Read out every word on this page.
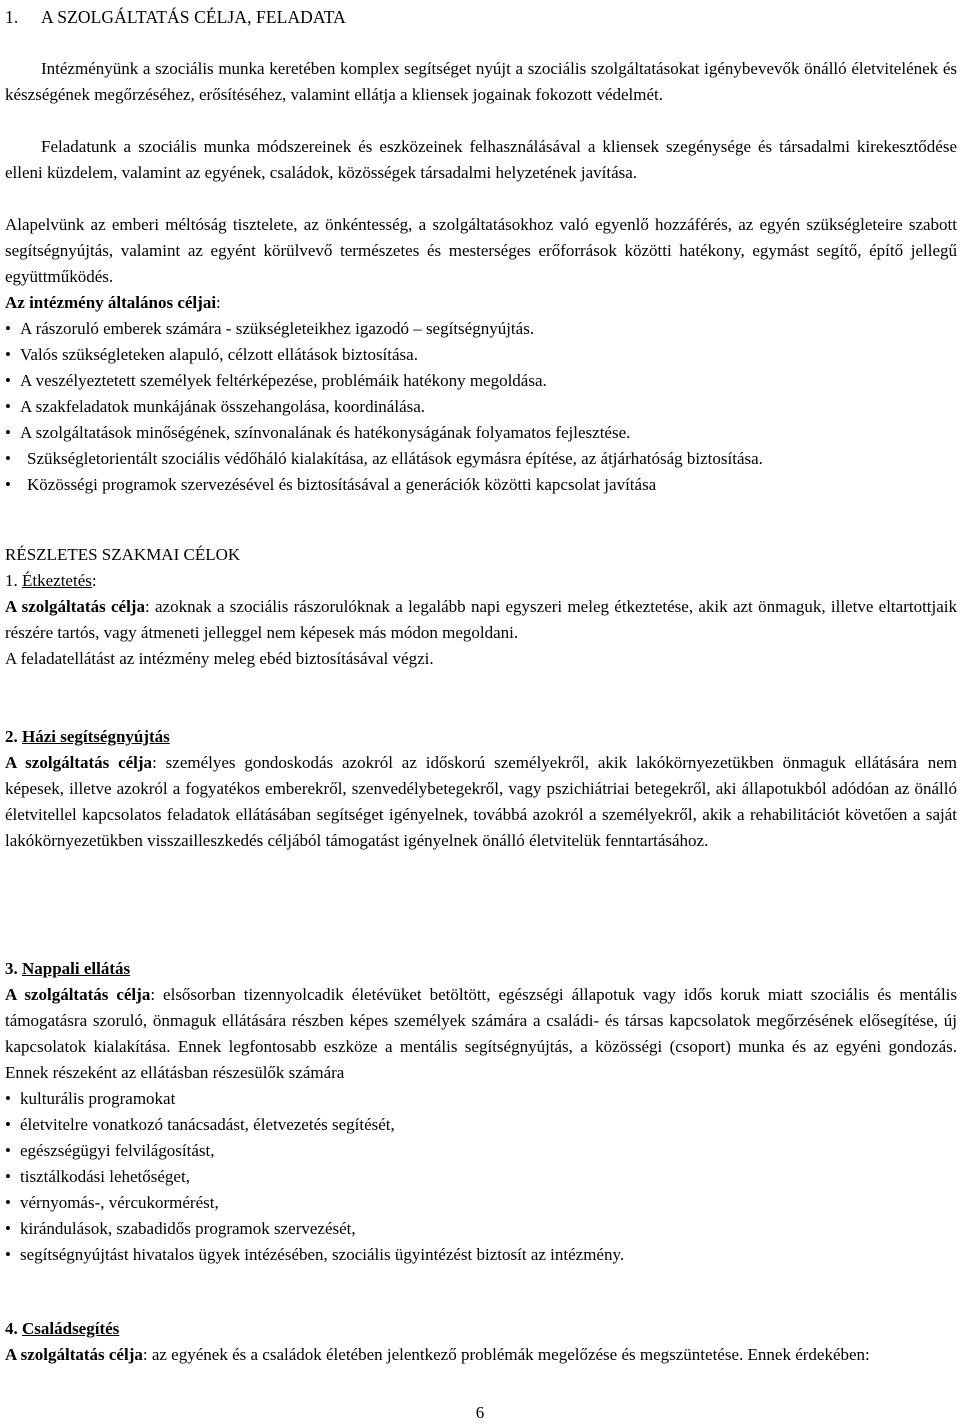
1. A SZOLGÁLTATÁS CÉLJA, FELADATA

Intézményünk a szociális munka keretében komplex segítséget nyújt a szociális szolgáltatásokat igénybevevők önálló életvitelének és készségének megőrzéséhez, erősítéséhez, valamint ellátja a kliensek jogainak fokozott védelmét.

Feladatunk a szociális munka módszereinek és eszközeinek felhasználásával a kliensek szegénysége és társadalmi kirekesztődése elleni küzdelem, valamint az egyének, családok, közösségek társadalmi helyzetének javítása.

Alapelvünk az emberi méltóság tisztelete, az önkéntesség, a szolgáltatásokhoz való egyenlő hozzáférés, az egyén szükségleteire szabott segítségnyújtás, valamint az egyént körülvevő természetes és mesterséges erőforrások közötti hatékony, egymást segítő, építő jellegű együttműködés.

Az intézmény általános céljai:

• A rászoruló emberek számára - szükségleteikhez igazodó – segítségnyújtás.

• Valós szükségleteken alapuló, célzott ellátások biztosítása.

• A veszélyeztetett személyek feltérképezése, problémáik hatékony megoldása.

• A szakfeladatok munkájának összehangolása, koordinálása.

• A szolgáltatások minőségének, színvonalának és hatékonyságának folyamatos fejlesztése.

• Szükségletorientált szociális védőháló kialakítása, az ellátások egymásra építése, az átjárhatóság biztosítása.

• Közösségi programok szervezésével és biztosításával a generációk közötti kapcsolat javítása

RÉSZLETES SZAKMAI CÉLOK

1. Étkeztetés:

A szolgáltatás célja: azoknak a szociális rászorulóknak a legalább napi egyszeri meleg étkeztetése, akik azt önmaguk, illetve eltartottjaik részére tartós, vagy átmeneti jelleggel nem képesek más módon megoldani.

A feladatellátást az intézmény meleg ebéd biztosításával végzi.

2. Házi segítségnyújtás

A szolgáltatás célja: személyes gondoskodás azokról az időskorú személyekről, akik lakókörnyezetükben önmaguk ellátására nem képesek, illetve azokról a fogyatékos emberekről, szenvedélybetegekről, vagy pszichiátriai betegekről, aki állapotukból adódóan az önálló életvitellel kapcsolatos feladatok ellátásában segítséget igényelnek, továbbá azokról a személyekről, akik a rehabilitációt követően a saját lakókörnyezetükben visszailleszkedés céljából támogatást igényelnek önálló életvitelük fenntartásához.

3. Nappali ellátás

A szolgáltatás célja: elsősorban tizennyolcadik életévüket betöltött, egészségi állapotuk vagy idős koruk miatt szociális és mentális támogatásra szoruló, önmaguk ellátására részben képes személyek számára a családi- és társas kapcsolatok megőrzésének elősegítése, új kapcsolatok kialakítása. Ennek legfontosabb eszköze a mentális segítségnyújtás, a közösségi (csoport) munka és az egyéni gondozás. Ennek részeként az ellátásban részesülők számára

• kulturális programokat

• életvitelre vonatkozó tanácsadást, életvezetés segítését,

• egészségügyi felvilágosítást,

• tisztálkodási lehetőséget,

• vérnyomás-, vércukormérést,

• kirándulások, szabadidős programok szervezését,

• segítségnyújtást hivatalos ügyek intézésében, szociális ügyintézést biztosít az intézmény.

4. Családsegítés

A szolgáltatás célja: az egyének és a családok életében jelentkező problémák megelőzése és megszüntetése. Ennek érdekében:

6
